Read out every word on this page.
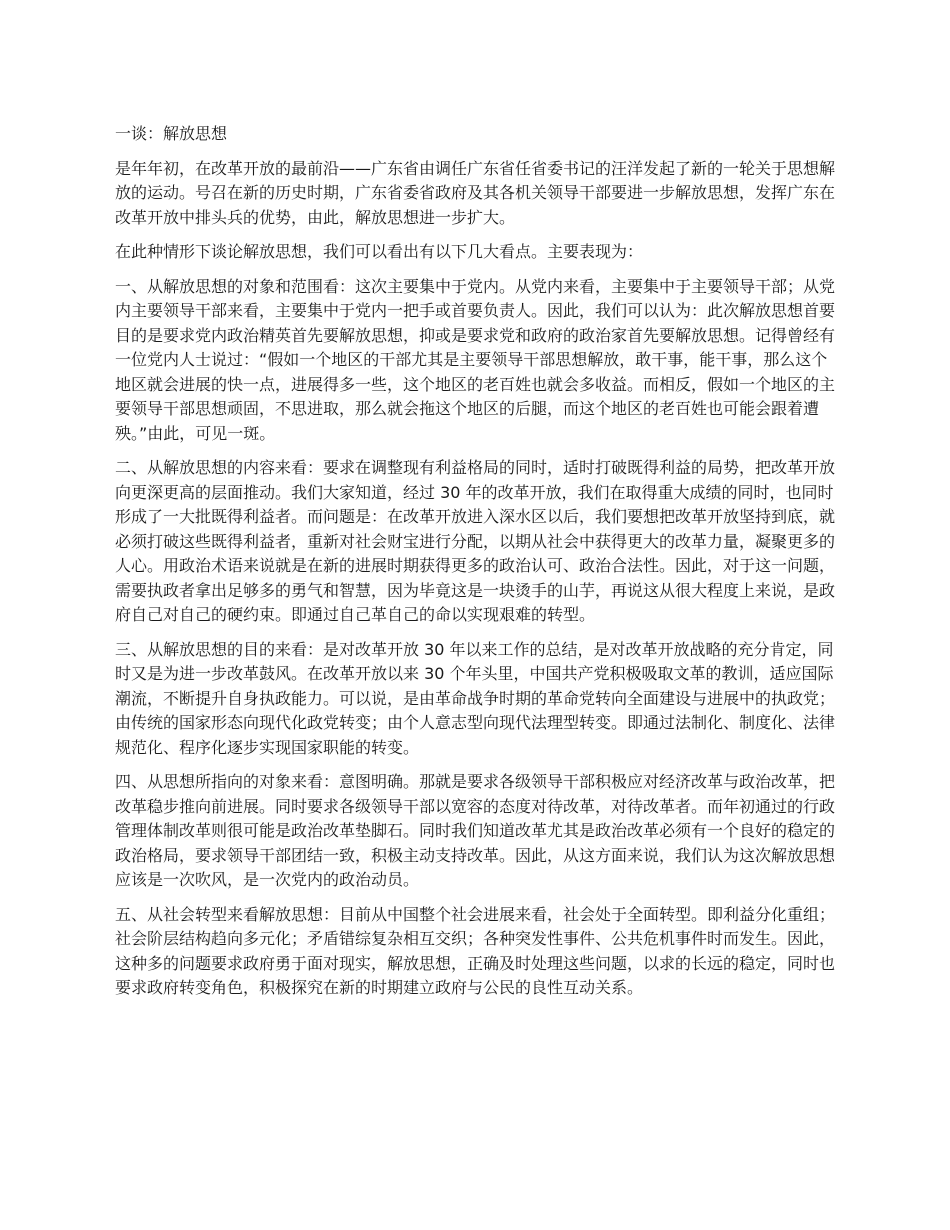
一谈：解放思想

是年年初，在改革开放的最前沿——广东省由调任广东省任省委书记的汪洋发起了新的一轮关于思想解放的运动。号召在新的历史时期，广东省委省政府及其各机关领导干部要进一步解放思想，发挥广东在改革开放中排头兵的优势，由此，解放思想进一步扩大。

在此种情形下谈论解放思想，我们可以看出有以下几大看点。主要表现为：

一、从解放思想的对象和范围看：这次主要集中于党内。从党内来看，主要集中于主要领导干部；从党内主要领导干部来看，主要集中于党内一把手或首要负责人。因此，我们可以认为：此次解放思想首要目的是要求党内政治精英首先要解放思想，抑或是要求党和政府的政治家首先要解放思想。记得曾经有一位党内人士说过：“假如一个地区的干部尤其是主要领导干部思想解放，敢干事，能干事，那么这个地区就会进展的快一点，进展得多一些，这个地区的老百姓也就会多收益。而相反，假如一个地区的主要领导干部思想顽固，不思进取，那么就会拖这个地区的后腿，而这个地区的老百姓也可能会跟着遭殃。”由此，可见一斑。

二、从解放思想的内容来看：要求在调整现有利益格局的同时，适时打破既得利益的局势，把改革开放向更深更高的层面推动。我们大家知道，经过 30 年的改革开放，我们在取得重大成绩的同时，也同时形成了一大批既得利益者。而问题是：在改革开放进入深水区以后，我们要想把改革开放坚持到底，就必须打破这些既得利益者，重新对社会财宝进行分配，以期从社会中获得更大的改革力量，凝聚更多的人心。用政治术语来说就是在新的进展时期获得更多的政治认可、政治合法性。因此，对于这一问题，需要执政者拿出足够多的勇气和智慧，因为毕竟这是一块烫手的山芋，再说这从很大程度上来说，是政府自己对自己的硬约束。即通过自己革自己的命以实现艰难的转型。

三、从解放思想的目的来看：是对改革开放 30 年以来工作的总结，是对改革开放战略的充分肯定，同时又是为进一步改革鼓风。在改革开放以来 30 个年头里，中国共产党积极吸取文革的教训，适应国际潮流，不断提升自身执政能力。可以说，是由革命战争时期的革命党转向全面建设与进展中的执政党；由传统的国家形态向现代化政党转变；由个人意志型向现代法理型转变。即通过法制化、制度化、法律规范化、程序化逐步实现国家职能的转变。

四、从思想所指向的对象来看：意图明确。那就是要求各级领导干部积极应对经济改革与政治改革，把改革稳步推向前进展。同时要求各级领导干部以宽容的态度对待改革，对待改革者。而年初通过的行政管理体制改革则很可能是政治改革垫脚石。同时我们知道改革尤其是政治改革必须有一个良好的稳定的政治格局，要求领导干部团结一致，积极主动支持改革。因此，从这方面来说，我们认为这次解放思想应该是一次吹风，是一次党内的政治动员。

五、从社会转型来看解放思想：目前从中国整个社会进展来看，社会处于全面转型。即利益分化重组；社会阶层结构趋向多元化；矛盾错综复杂相互交织；各种突发性事件、公共危机事件时而发生。因此，这种多的问题要求政府勇于面对现实，解放思想，正确及时处理这些问题，以求的长远的稳定，同时也要求政府转变角色，积极探究在新的时期建立政府与公民的良性互动关系。
